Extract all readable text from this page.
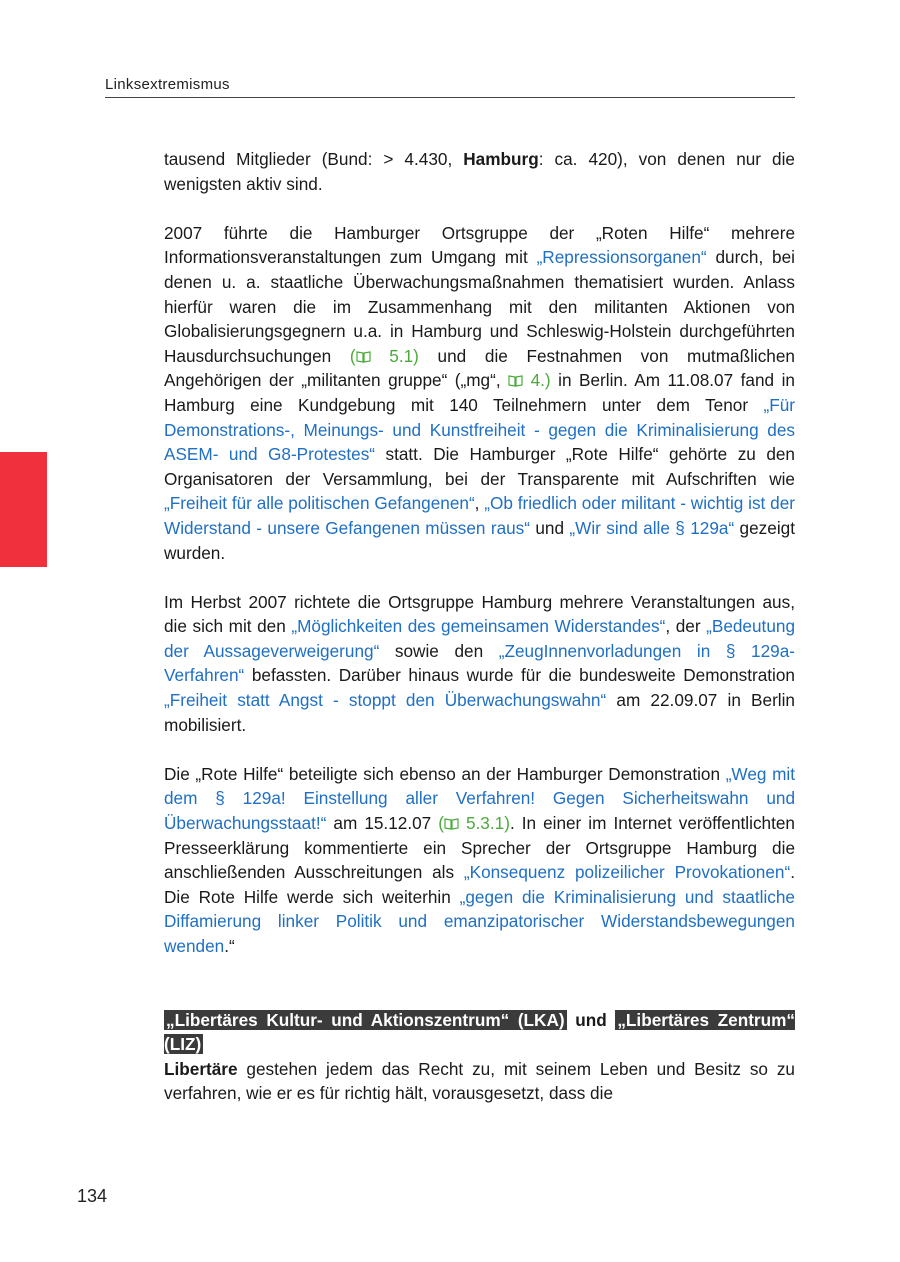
Linksextremismus

tausend Mitglieder (Bund: > 4.430, Hamburg: ca. 420), von denen nur die wenigsten aktiv sind.

2007 führte die Hamburger Ortsgruppe der „Roten Hilfe“ mehrere Informationsveranstaltungen zum Umgang mit „Repressionsorganen“ durch, bei denen u. a. staatliche Überwachungsmaßnahmen thematisiert wurden. Anlass hierfür waren die im Zusammenhang mit den militanten Aktionen von Globalisierungsgegnern u.a. in Hamburg und Schleswig-Holstein durchgeführten Hausdurchsuchungen (
5.1) und die Festnahmen von mutmaßlichen Angehörigen der „militanten gruppe“ („mg“,
4.) in Berlin. Am 11.08.07 fand in Hamburg eine Kundgebung mit 140 Teilnehmern unter dem Tenor „Für Demonstrations-, Meinungs- und Kunstfreiheit - gegen die Kriminalisierung des ASEM- und G8-Protestes“ statt. Die Hamburger „Rote Hilfe“ gehörte zu den Organisatoren der Versammlung, bei der Transparente mit Aufschriften wie „Freiheit für alle politischen Gefangenen“, „Ob friedlich oder militant - wichtig ist der Widerstand - unsere Gefangenen müssen raus“ und „Wir sind alle § 129a“ gezeigt wurden.

Im Herbst 2007 richtete die Ortsgruppe Hamburg mehrere Veranstaltungen aus, die sich mit den „Möglichkeiten des gemeinsamen Widerstandes“, der „Bedeutung der Aussageverweigerung“ sowie den „ZeugInnenvorladungen in § 129a-Verfahren“ befassten. Darüber hinaus wurde für die bundesweite Demonstration „Freiheit statt Angst - stoppt den Überwachungswahn“ am 22.09.07 in Berlin mobilisiert.

Die „Rote Hilfe“ beteiligte sich ebenso an der Hamburger Demonstration „Weg mit dem § 129a! Einstellung aller Verfahren! Gegen Sicherheitswahn und Überwachungsstaat!“ am 15.12.07 (
5.3.1). In einer im Internet veröffentlichten Presseerklärung kommentierte ein Sprecher der Ortsgruppe Hamburg die anschließenden Ausschreitungen als „Konsequenz polizeilicher Provokationen“. Die Rote Hilfe werde sich weiterhin „gegen die Kriminalisierung und staatliche Diffamierung linker Politik und emanzipatorischer Widerstandsbewegungen wenden.“

„Libertäres Kultur- und Aktionszentrum“ (LKA) und „Libertäres Zentrum“ (LIZ)

Libertäre gestehen jedem das Recht zu, mit seinem Leben und Besitz so zu verfahren, wie er es für richtig hält, vorausgesetzt, dass die

134
